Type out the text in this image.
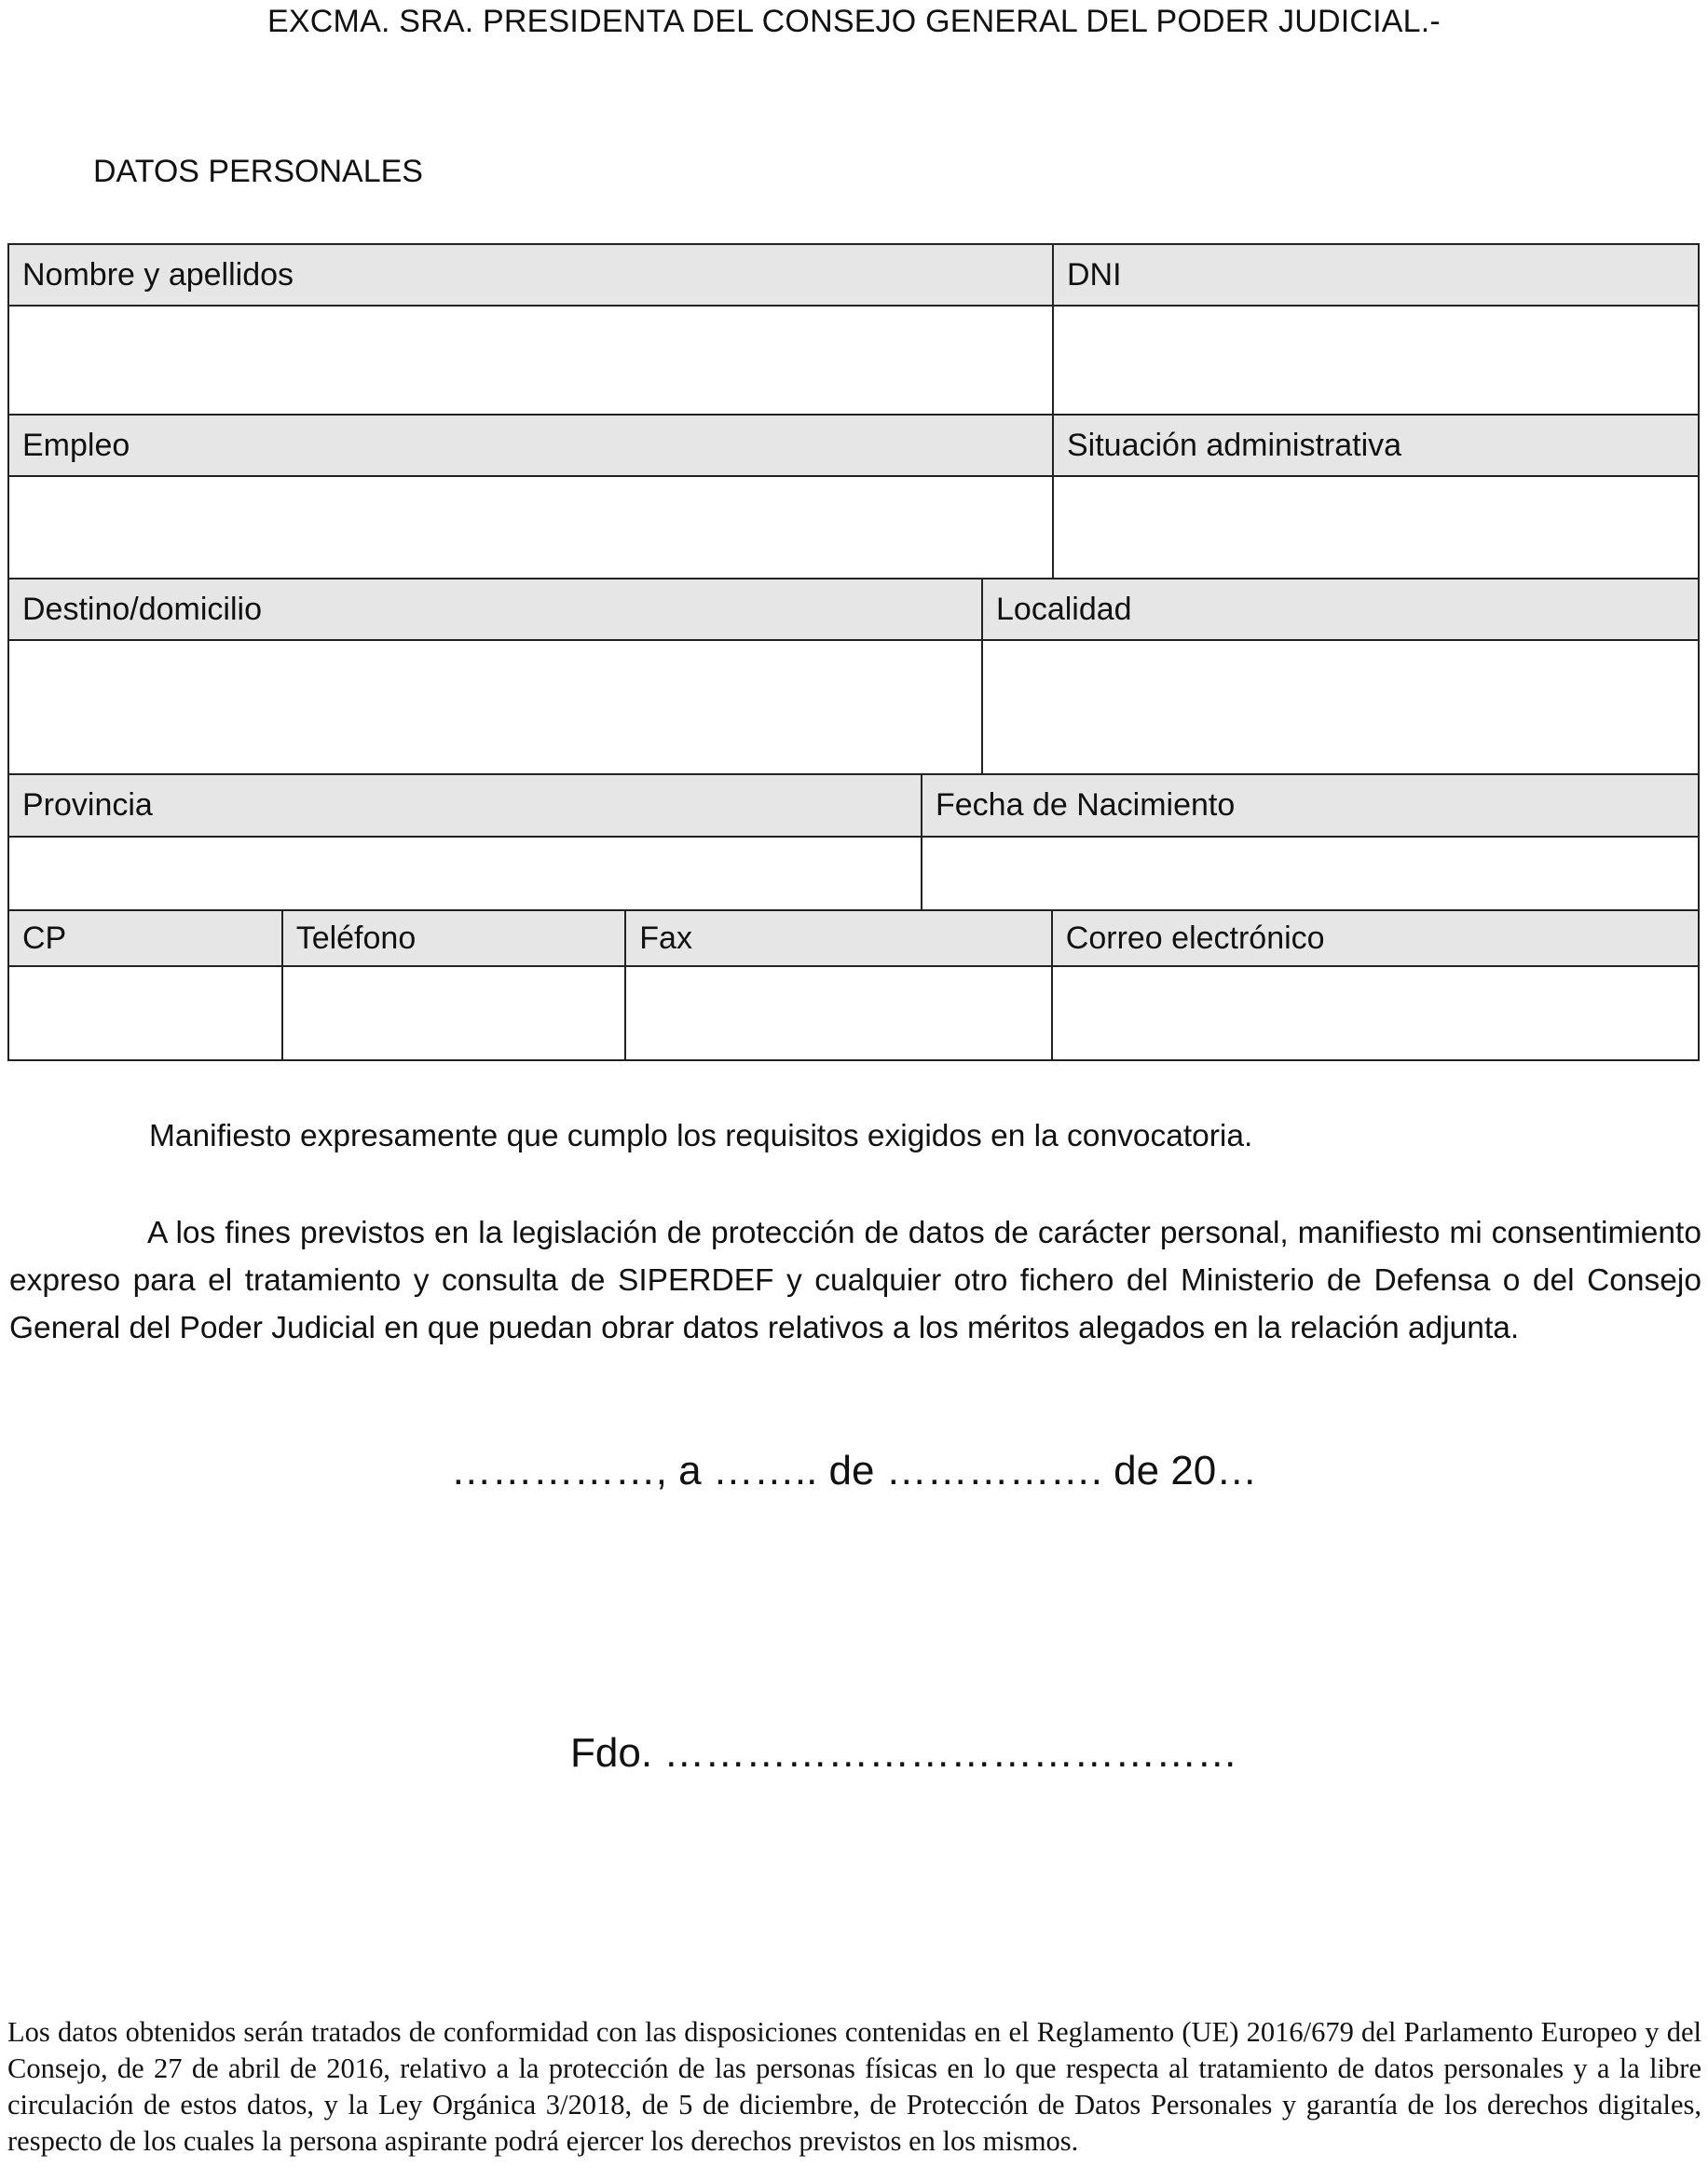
EXCMA. SRA. PRESIDENTA DEL CONSEJO GENERAL DEL PODER JUDICIAL.-
DATOS PERSONALES
Nombre y apellidos	DNI
Empleo	Situación administrativa
Destino/domicilio	Localidad
Provincia	Fecha de Nacimiento
CP	Teléfono	Fax	Correo electrónico
Manifiesto expresamente que cumplo los requisitos exigidos en la convocatoria.
A los fines previstos en la legislación de protección de datos de carácter personal, manifiesto mi consentimiento expreso para el tratamiento y consulta de SIPERDEF y cualquier otro fichero del Ministerio de Defensa o del Consejo General del Poder Judicial en que puedan obrar datos relativos a los méritos alegados en la relación adjunta.
……………, a …….. de ……………. de 20…
Fdo. ……………………………………
Los datos obtenidos serán tratados de conformidad con las disposiciones contenidas en el Reglamento (UE) 2016/679 del Parlamento Europeo y del Consejo, de 27 de abril de 2016, relativo a la protección de las personas físicas en lo que respecta al tratamiento de datos personales y a la libre circulación de estos datos, y la Ley Orgánica 3/2018, de 5 de diciembre, de Protección de Datos Personales y garantía de los derechos digitales, respecto de los cuales la persona aspirante podrá ejercer los derechos previstos en los mismos.
